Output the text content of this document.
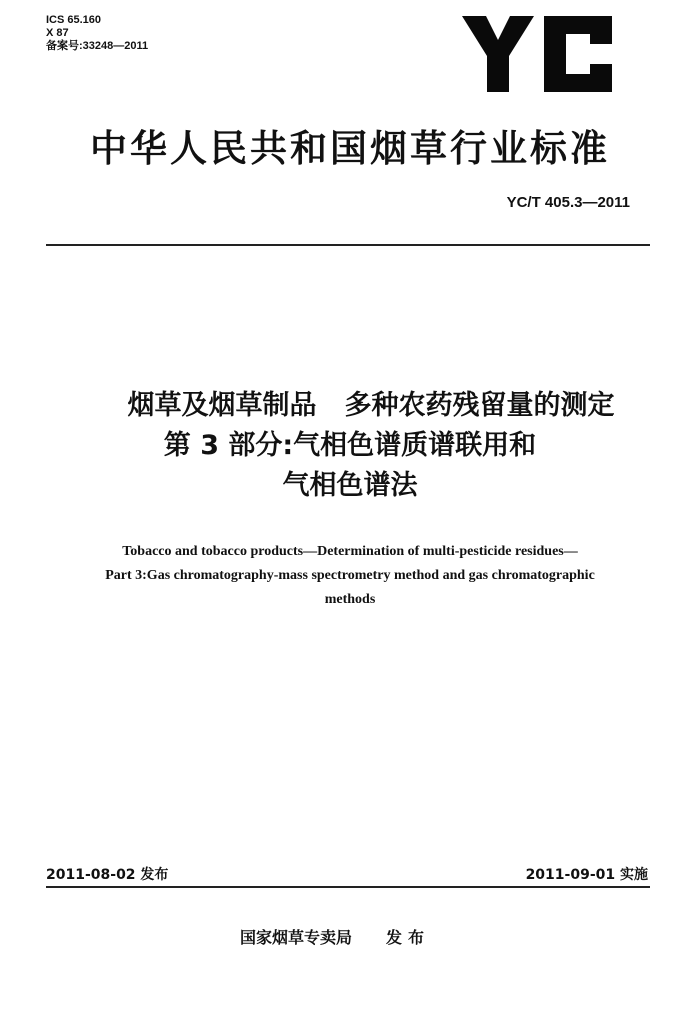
ICS 65.160
X 87
备案号:33248—2011
中华人民共和国烟草行业标准
YC/T 405.3—2011
烟草及烟草制品 多种农药残留量的测定
第 3 部分:气相色谱质谱联用和
气相色谱法
Tobacco and tobacco products—Determination of multi-pesticide residues—
Part 3:Gas chromatography-mass spectrometry method and gas chromatographic
methods
2011-08-02 发布	2011-09-01 实施
国家烟草专卖局 发布
